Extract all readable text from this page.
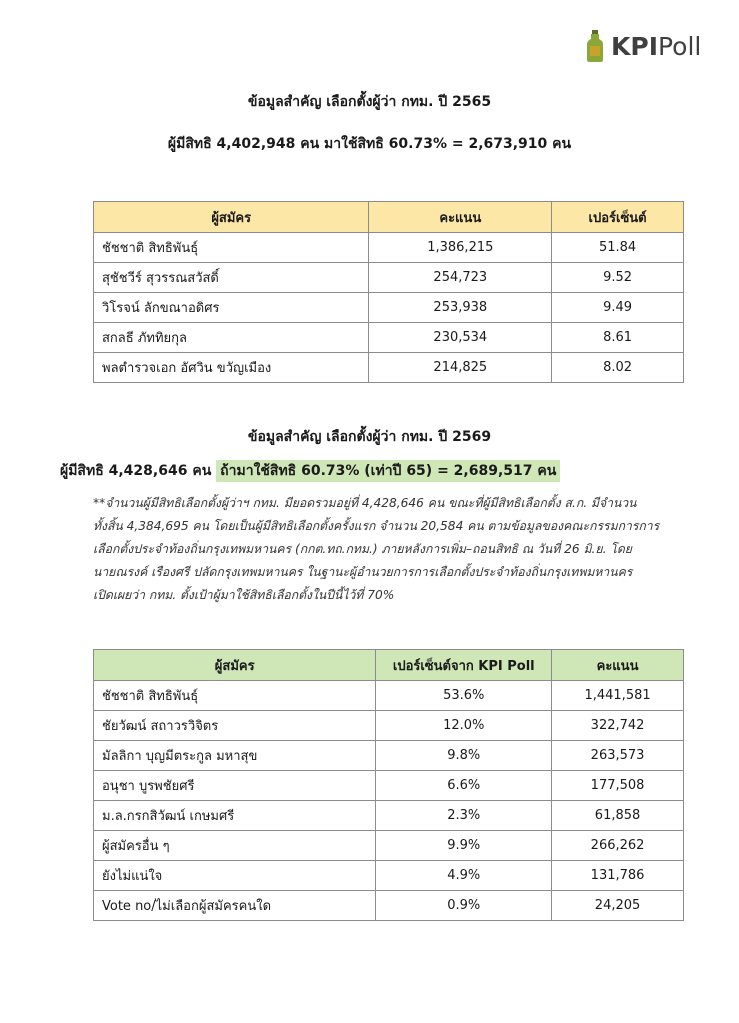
KPIPoll
ข้อมูลสำคัญ เลือกตั้งผู้ว่า กทม. ปี 2565
ผู้มีสิทธิ 4,402,948 คน มาใช้สิทธิ 60.73% = 2,673,910 คน
ผู้สมัคร	คะแนน	เปอร์เซ็นต์
ชัชชาติ สิทธิพันธุ์	1,386,215	51.84
สุชัชวีร์ สุวรรณสวัสดิ์	254,723	9.52
วิโรจน์ ลักขณาอดิศร	253,938	9.49
สกลธี ภัททิยกุล	230,534	8.61
พลตำรวจเอก อัศวิน ขวัญเมือง	214,825	8.02
ข้อมูลสำคัญ เลือกตั้งผู้ว่า กทม. ปี 2569
ผู้มีสิทธิ 4,428,646 คน ถ้ามาใช้สิทธิ 60.73% (เท่าปี 65) = 2,689,517 คน
**จำนวนผู้มีสิทธิเลือกตั้งผู้ว่าฯ กทม. มียอดรวมอยู่ที่ 4,428,646 คน ขณะที่ผู้มีสิทธิเลือกตั้ง ส.ก. มีจำนวน
ทั้งสิ้น 4,384,695 คน โดยเป็นผู้มีสิทธิเลือกตั้งครั้งแรก จำนวน 20,584 คน ตามข้อมูลของคณะกรรมการการ
เลือกตั้งประจำท้องถิ่นกรุงเทพมหานคร (กกต.ทถ.กทม.) ภายหลังการเพิ่ม–ถอนสิทธิ ณ วันที่ 26 มิ.ย. โดย
นายณรงค์ เรืองศรี ปลัดกรุงเทพมหานคร ในฐานะผู้อำนวยการการเลือกตั้งประจำท้องถิ่นกรุงเทพมหานคร
เปิดเผยว่า กทม. ตั้งเป้าผู้มาใช้สิทธิเลือกตั้งในปีนี้ไว้ที่ 70%
ผู้สมัคร	เปอร์เซ็นต์จาก KPI Poll	คะแนน
ชัชชาติ สิทธิพันธุ์	53.6%	1,441,581
ชัยวัฒน์ สถาวรวิจิตร	12.0%	322,742
มัลลิกา บุญมีตระกูล มหาสุข	9.8%	263,573
อนุชา บูรพชัยศรี	6.6%	177,508
ม.ล.กรกสิวัฒน์ เกษมศรี	2.3%	61,858
ผู้สมัครอื่น ๆ	9.9%	266,262
ยังไม่แน่ใจ	4.9%	131,786
Vote no/ไม่เลือกผู้สมัครคนใด	0.9%	24,205
